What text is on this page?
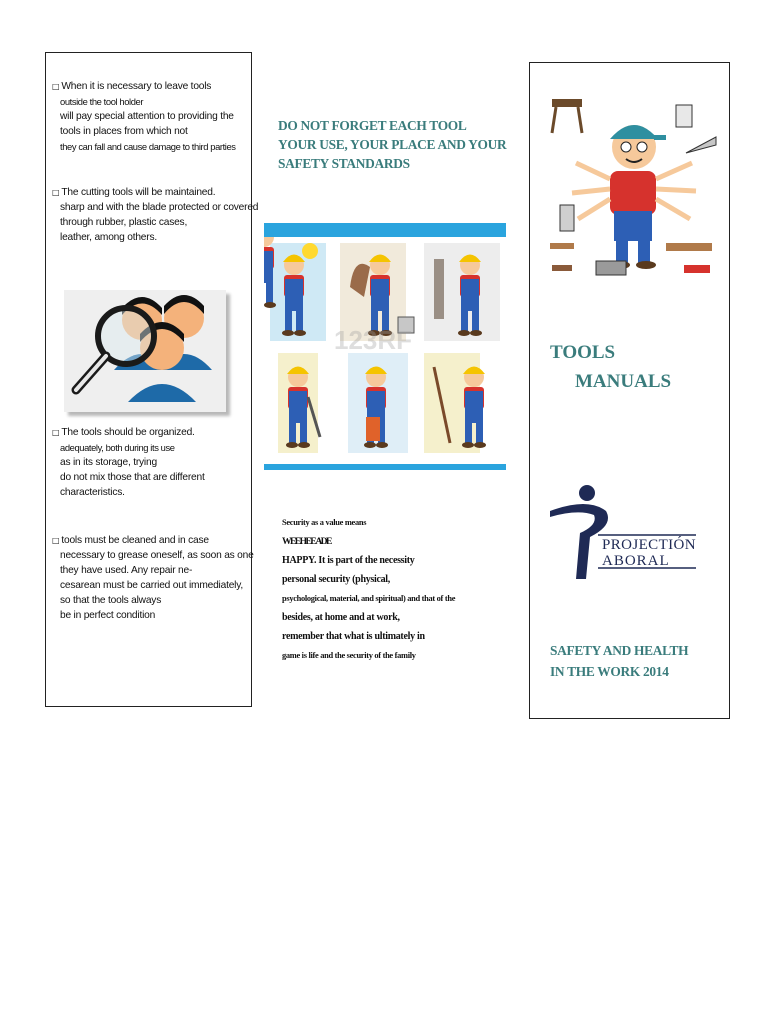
□ When it is necessary to leave tools
outside the tool holder
will pay special attention to providing the
tools in places from which not
they can fall and cause damage to third parties
□ The cutting tools will be maintained.
sharp and with the blade protected or covered
through rubber, plastic cases,
leather, among others.
□ The tools should be organized.
adequately, both during its use
as in its storage, trying
do not mix those that are different
characteristics.
□ tools must be cleaned and in case
necessary to grease oneself, as soon as one
they have used. Any repair ne-
cesarean must be carried out immediately,
so that the tools always
be in perfect condition
DO NOT FORGET EACH TOOL
YOUR USE, YOUR PLACE AND YOUR
SAFETY STANDARDS
123RF
Security as a value means
WEEHEE ADE
HAPPY. It is part of the necessity
personal security (physical,
psychological, material, and spiritual) and that of the
besides, at home and at work,
remember that what is ultimately in
game is life and the security of the family
TOOLS
MANUALS
PROJECTIÓN
ABORAL
SAFETY AND HEALTH
IN THE WORK 2014
